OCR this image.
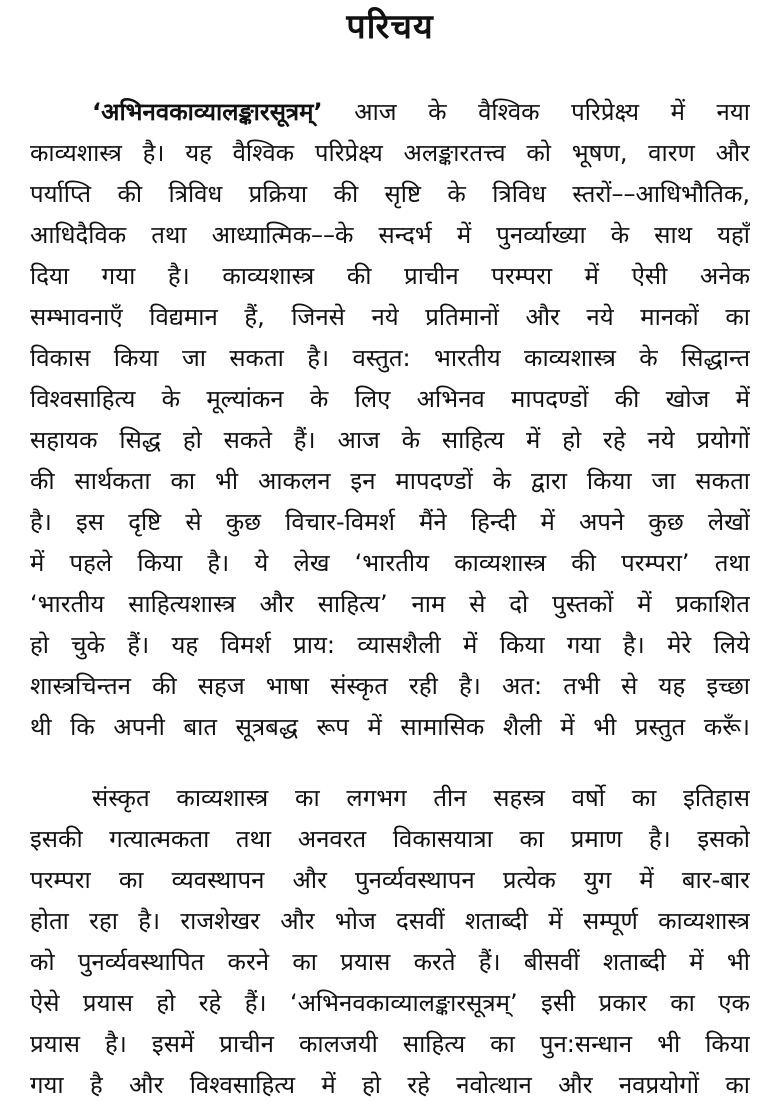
परिचय
‘अभिनवकाव्यालङ्कारसूत्रम्’ आज के वैश्विक परिप्रेक्ष्य में नया
काव्यशास्त्र है। यह वैश्विक परिप्रेक्ष्य अलङ्कारतत्त्व को भूषण, वारण और
पर्याप्ति की त्रिविध प्रक्रिया की सृष्टि के त्रिविध स्तरों––आधिभौतिक,
आधिदैविक तथा आध्यात्मिक––के सन्दर्भ में पुनर्व्याख्या के साथ यहाँ
दिया गया है। काव्यशास्त्र की प्राचीन परम्परा में ऐसी अनेक
सम्भावनाएँ विद्यमान हैं, जिनसे नये प्रतिमानों और नये मानकों का
विकास किया जा सकता है। वस्तुत: भारतीय काव्यशास्त्र के सिद्धान्त
विश्वसाहित्य के मूल्यांकन के लिए अभिनव मापदण्डों की खोज में
सहायक सिद्ध हो सकते हैं। आज के साहित्य में हो रहे नये प्रयोगों
की सार्थकता का भी आकलन इन मापदण्डों के द्वारा किया जा सकता
है। इस दृष्टि से कुछ विचार-विमर्श मैंने हिन्दी में अपने कुछ लेखों
में पहले किया है। ये लेख ‘भारतीय काव्यशास्त्र की परम्परा’ तथा
‘भारतीय साहित्यशास्त्र और साहित्य’ नाम से दो पुस्तकों में प्रकाशित
हो चुके हैं। यह विमर्श प्राय: व्यासशैली में किया गया है। मेरे लिये
शास्त्रचिन्तन की सहज भाषा संस्कृत रही है। अत: तभी से यह इच्छा
थी कि अपनी बात सूत्रबद्ध रूप में सामासिक शैली में भी प्रस्तुत करूँ।
संस्कृत काव्यशास्त्र का लगभग तीन सहस्त्र वर्षो का इतिहास
इसकी गत्यात्मकता तथा अनवरत विकासयात्रा का प्रमाण है। इसको
परम्परा का व्यवस्थापन और पुनर्व्यवस्थापन प्रत्येक युग में बार-बार
होता रहा है। राजशेखर और भोज दसवीं शताब्दी में सम्पूर्ण काव्यशास्त्र
को पुनर्व्यवस्थापित करने का प्रयास करते हैं। बीसवीं शताब्दी में भी
ऐसे प्रयास हो रहे हैं। ‘अभिनवकाव्यालङ्कारसूत्रम्’ इसी प्रकार का एक
प्रयास है। इसमें प्राचीन कालजयी साहित्य का पुन:सन्धान भी किया
गया है और विश्वसाहित्य में हो रहे नवोत्थान और नवप्रयोगों का
